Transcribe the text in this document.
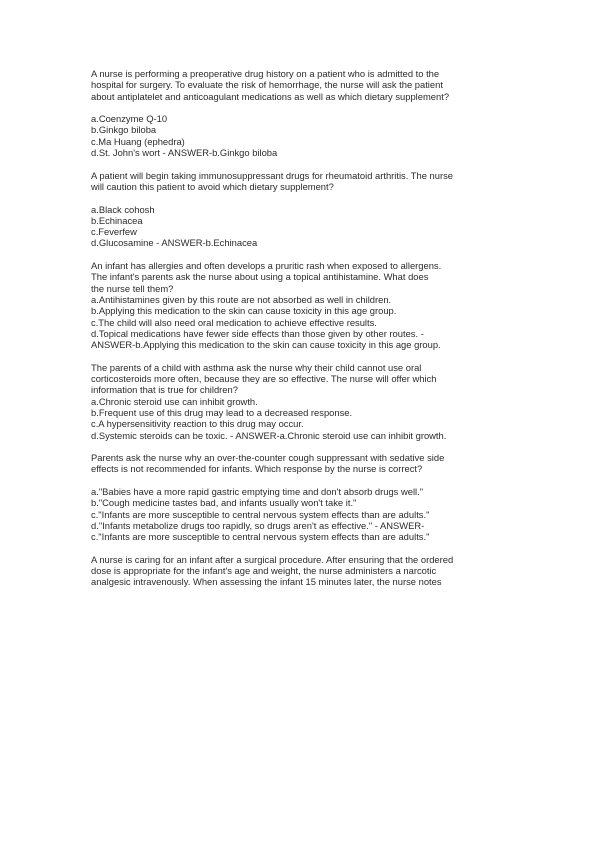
A nurse is performing a preoperative drug history on a patient who is admitted to the
hospital for surgery. To evaluate the risk of hemorrhage, the nurse will ask the patient
about antiplatelet and anticoagulant medications as well as which dietary supplement?
a.Coenzyme Q-10
b.Ginkgo biloba
c.Ma Huang (ephedra)
d.St. John's wort - ANSWER-b.Ginkgo biloba
A patient will begin taking immunosuppressant drugs for rheumatoid arthritis. The nurse
will caution this patient to avoid which dietary supplement?
a.Black cohosh
b.Echinacea
c.Feverfew
d.Glucosamine - ANSWER-b.Echinacea
An infant has allergies and often develops a pruritic rash when exposed to allergens.
The infant's parents ask the nurse about using a topical antihistamine. What does
the nurse tell them?
a.Antihistamines given by this route are not absorbed as well in children.
b.Applying this medication to the skin can cause toxicity in this age group.
c.The child will also need oral medication to achieve effective results.
d.Topical medications have fewer side effects than those given by other routes. -
ANSWER-b.Applying this medication to the skin can cause toxicity in this age group.
The parents of a child with asthma ask the nurse why their child cannot use oral
corticosteroids more often, because they are so effective. The nurse will offer which
information that is true for children?
a.Chronic steroid use can inhibit growth.
b.Frequent use of this drug may lead to a decreased response.
c.A hypersensitivity reaction to this drug may occur.
d.Systemic steroids can be toxic. - ANSWER-a.Chronic steroid use can inhibit growth.
Parents ask the nurse why an over-the-counter cough suppressant with sedative side
effects is not recommended for infants. Which response by the nurse is correct?
a."Babies have a more rapid gastric emptying time and don't absorb drugs well."
b."Cough medicine tastes bad, and infants usually won't take it."
c."Infants are more susceptible to central nervous system effects than are adults."
d."Infants metabolize drugs too rapidly, so drugs aren't as effective." - ANSWER-
c."Infants are more susceptible to central nervous system effects than are adults."
A nurse is caring for an infant after a surgical procedure. After ensuring that the ordered
dose is appropriate for the infant's age and weight, the nurse administers a narcotic
analgesic intravenously. When assessing the infant 15 minutes later, the nurse notes
